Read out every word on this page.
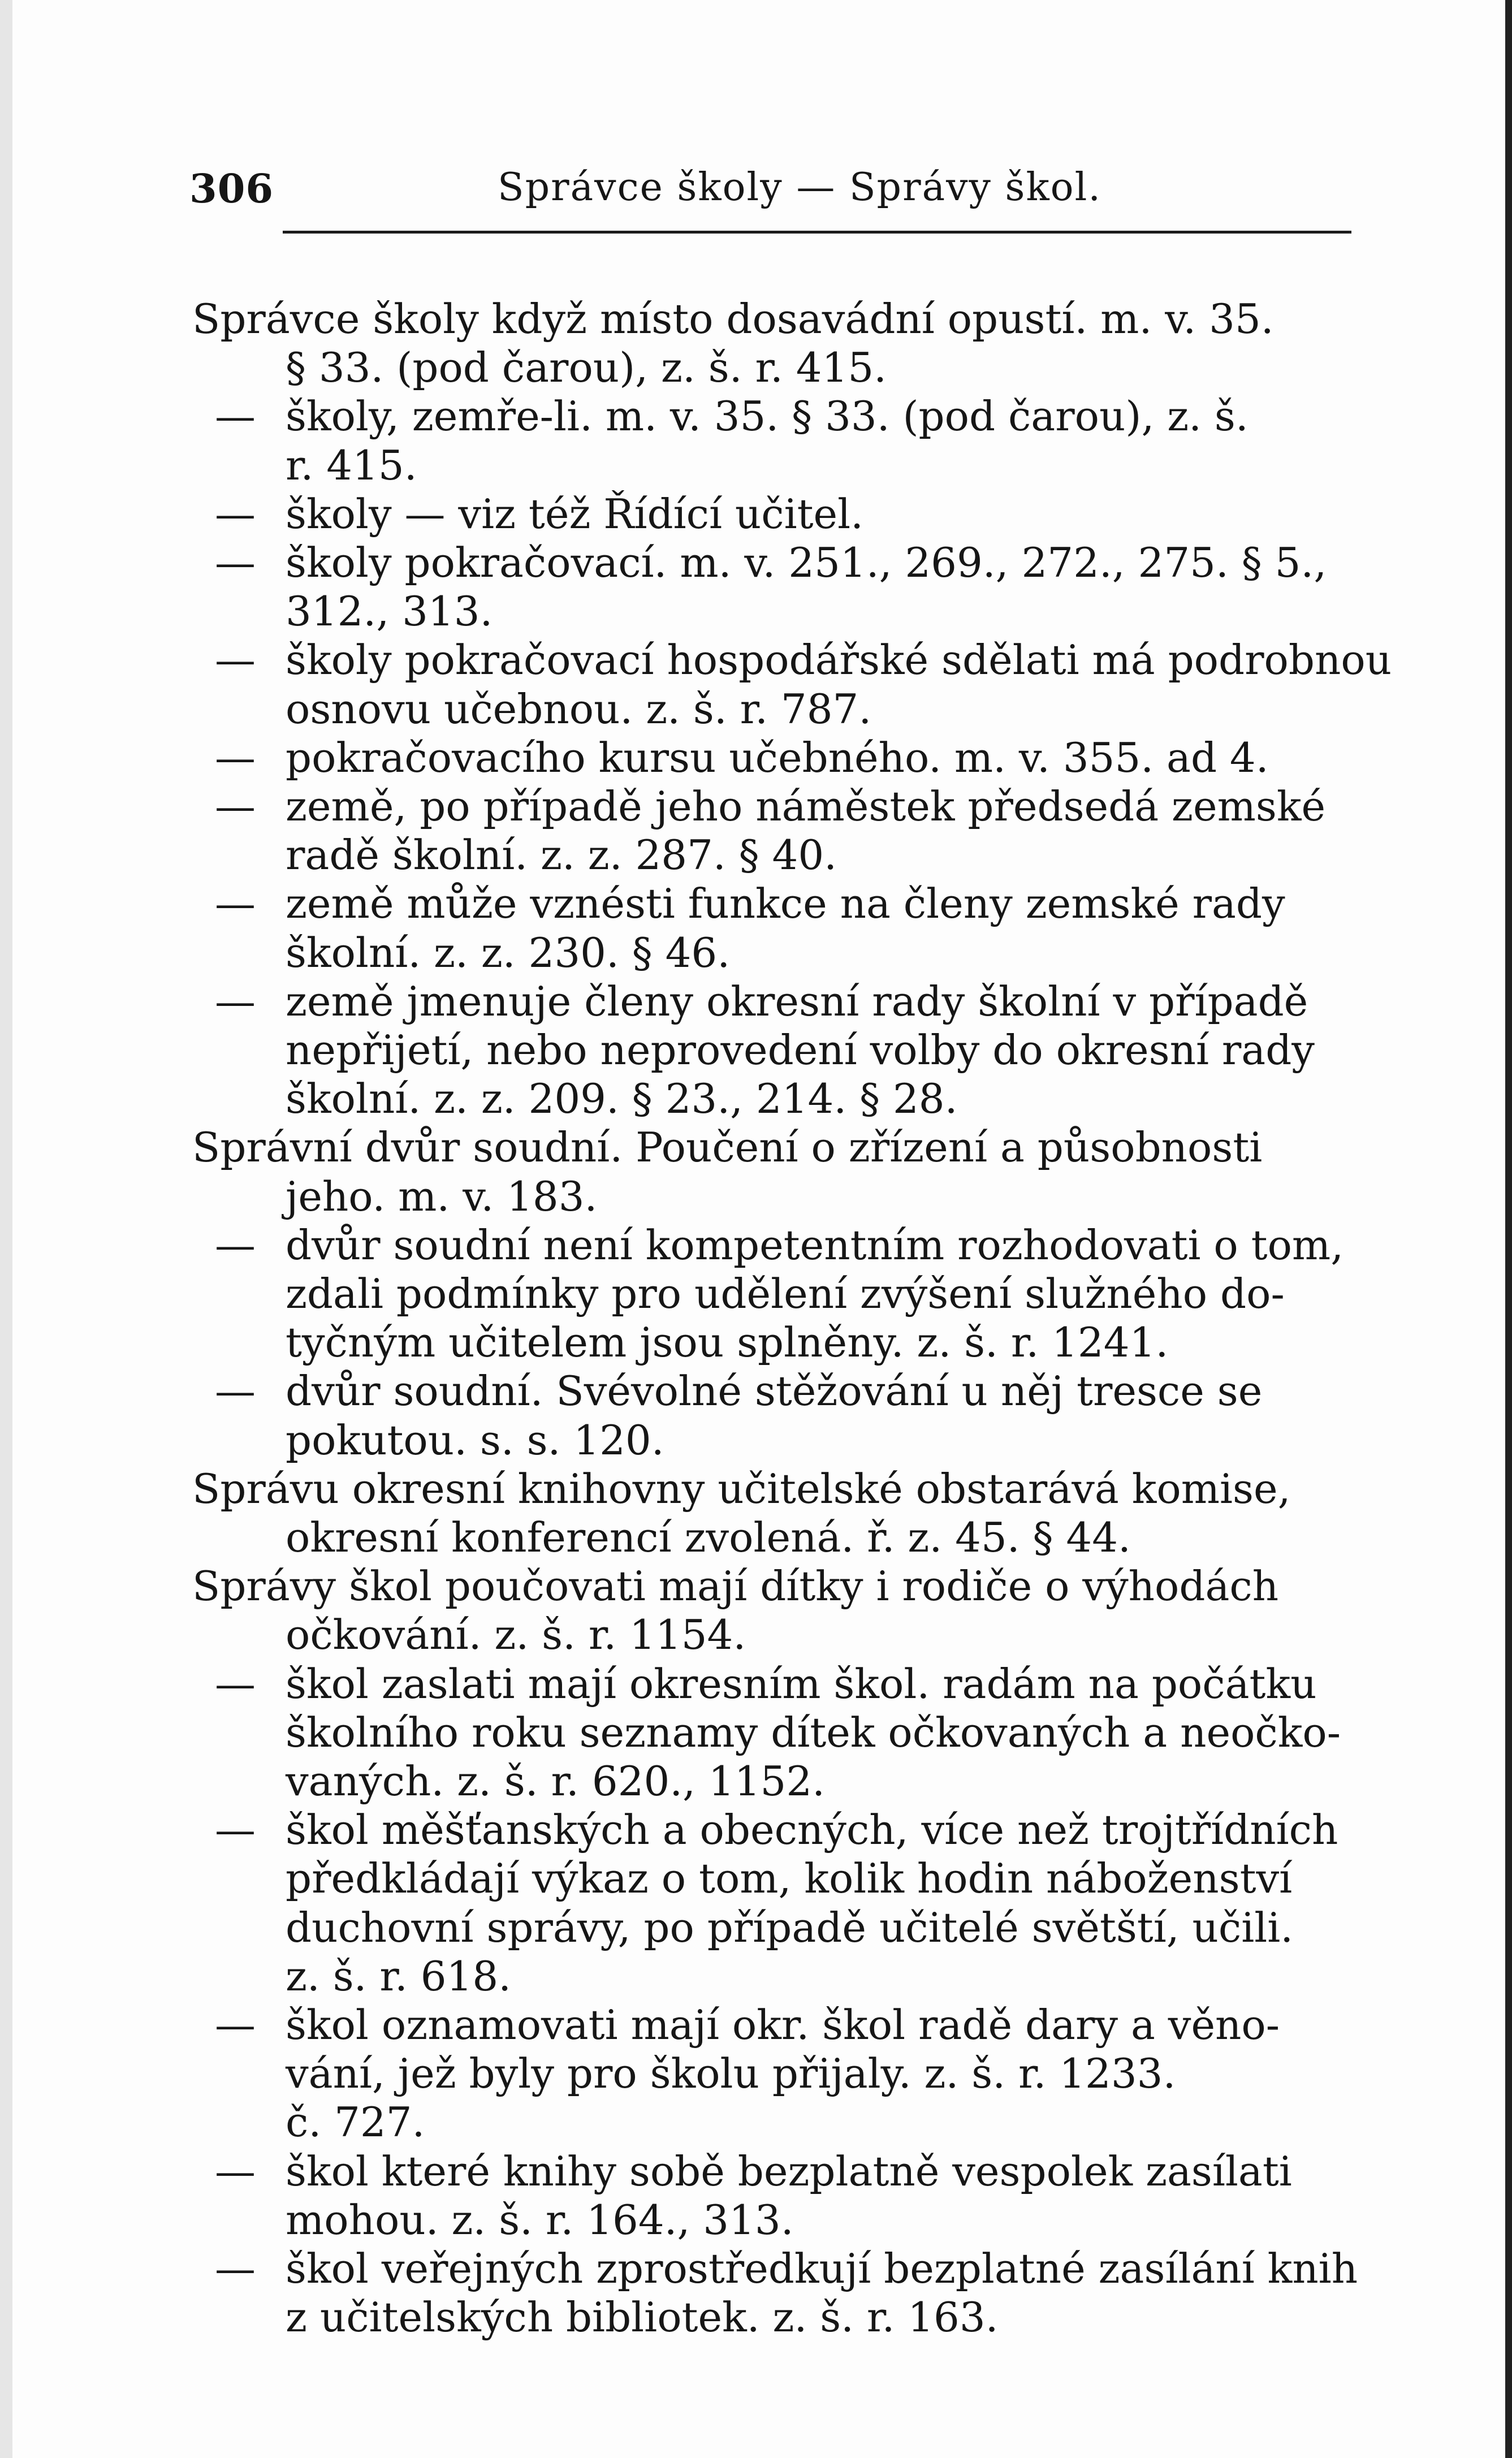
306	Správce školy — Správy škol.
Správce školy když místo dosavádní opustí. m. v. 35.
§ 33. (pod čarou), z. š. r. 415.
— školy, zemře-li. m. v. 35. § 33. (pod čarou), z. š.
r. 415.
— školy — viz též Řídící učitel.
— školy pokračovací. m. v. 251., 269., 272., 275. § 5.,
312., 313.
— školy pokračovací hospodářské sdělati má podrobnou
osnovu učebnou. z. š. r. 787.
— pokračovacího kursu učebného. m. v. 355. ad 4.
— země, po případě jeho náměstek předsedá zemské
radě školní. z. z. 287. § 40.
— země může vznésti funkce na členy zemské rady
školní. z. z. 230. § 46.
— země jmenuje členy okresní rady školní v případě
nepřijetí, nebo neprovedení volby do okresní rady
školní. z. z. 209. § 23., 214. § 28.
Správní dvůr soudní. Poučení o zřízení a působnosti
jeho. m. v. 183.
— dvůr soudní není kompetentním rozhodovati o tom,
zdali podmínky pro udělení zvýšení služného do-
tyčným učitelem jsou splněny. z. š. r. 1241.
— dvůr soudní. Svévolné stěžování u něj tresce se
pokutou. s. s. 120.
Správu okresní knihovny učitelské obstarává komise,
okresní konferencí zvolená. ř. z. 45. § 44.
Správy škol poučovati mají dítky i rodiče o výhodách
očkování. z. š. r. 1154.
— škol zaslati mají okresním škol. radám na počátku
školního roku seznamy dítek očkovaných a neočko-
vaných. z. š. r. 620., 1152.
— škol měšťanských a obecných, více než trojtřídních
předkládají výkaz o tom, kolik hodin náboženství
duchovní správy, po případě učitelé světští, učili.
z. š. r. 618.
— škol oznamovati mají okr. škol radě dary a věno-
vání, jež byly pro školu přijaly. z. š. r. 1233.
č. 727.
— škol které knihy sobě bezplatně vespolek zasílati
mohou. z. š. r. 164., 313.
— škol veřejných zprostředkují bezplatné zasílání knih
z učitelských bibliotek. z. š. r. 163.
